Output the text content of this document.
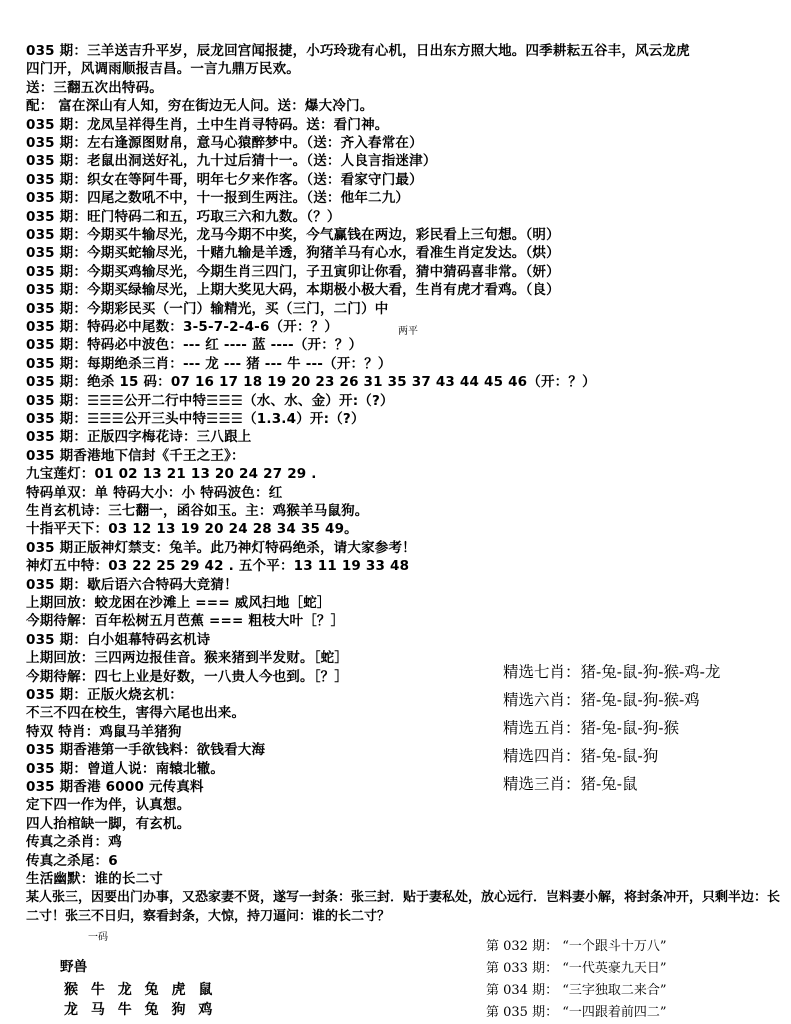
035 期：三羊送吉升平岁，辰龙回宫闻报捷，小巧玲珑有心机，日出东方照大地。四季耕耘五谷丰，风云龙虎
四门开，风调雨顺报吉昌。一言九鼎万民欢。
送：三翻五次出特码。
配： 富在深山有人知，穷在街边无人问。送：爆大冷门。
035 期：龙凤呈祥得生肖，土中生肖寻特码。送：看门神。
035 期：左右逢源图财帛，意马心猿醉梦中。（送：齐入春常在）
035 期：老鼠出洞送好礼，九十过后猜十一。（送：人良言指迷津）
035 期：织女在等阿牛哥，明年七夕来作客。（送：看家守门最）
035 期：四尾之数吼不中，十一报到生两注。（送：他年二九）
035 期：旺门特码二和五，巧取三六和九数。（？）
035 期：今期买牛输尽光，龙马今期不中奖，今气赢钱在两边，彩民看上三句想。（明）
035 期：今期买蛇输尽光，十赌九输是羊透，狗猪羊马有心水，看准生肖定发达。（烘）
035 期：今期买鸡输尽光，今期生肖三四门，子丑寅卯让你看，猜中猜码喜非常。（妍）
035 期：今期买绿输尽光，上期大奖见大码，本期极小极大看，生肖有虎才看鸡。（良）
035 期：今期彩民买（一门）输精光，买（三门，二门）中
035 期：特码必中尾数：3-5-7-2-4-6（开：？）
035 期：特码必中波色：--- 红 ---- 蓝 ----（开：？）
035 期：每期绝杀三肖：--- 龙 --- 猪 --- 牛 ---（开：？）
035 期：绝杀 15 码：07 16 17 18 19 20 23 26 31 35 37 43 44 45 46（开：？）
035 期：☰☰☰公开二行中特☰☰☰（水、水、金）开:（?）
035 期：☰☰☰公开三头中特☰☰☰（1.3.4）开:（?）
035 期：正版四字梅花诗：三八跟上
035 期香港地下信封《千王之王》：
九宝莲灯：01 02 13 21 13 20 24 27 29 .
特码单双：单 特码大小：小 特码波色：红
生肖玄机诗：三七翻一，函谷如玉。主：鸡猴羊马鼠狗。
十指平天下：03 12 13 19 20 24 28 34 35 49。
035 期正版神灯禁支：兔羊。此乃神灯特码绝杀，请大家参考！
神灯五中特：03 22 25 29 42 . 五个平：13 11 19 33 48
035 期：歇后语六合特码大竞猜！
上期回放：蛟龙困在沙滩上 === 威风扫地［蛇］
今期待解：百年松树五月芭蕉 === 粗枝大叶［？］
035 期：白小姐幕特码玄机诗
上期回放：三四两边报佳音。猴来猪到半发财。［蛇］
今期待解：四七上业是好数，一八贵人今也到。［？］
035 期：正版火烧玄机：
不三不四在校生，害得六尾也出来。
特双 特肖：鸡鼠马羊猪狗
035 期香港第一手欲钱料：欲钱看大海
035 期：曾道人说：南辕北辙。
035 期香港 6000 元传真料
定下四一作为伴，认真想。
四人抬棺缺一脚，有玄机。
传真之杀肖：鸡
传真之杀尾：6
生活幽默：谁的长二寸
两平
某人张三，因要出门办事，又恐家妻不贤，遂写一封条：张三封．贴于妻私处，放心远行．岂料妻小解，将封条冲开，只剩半边：长二寸！张三不日归，察看封条，大惊，持刀逼问：谁的长二寸？
一码
野兽
猴 牛 龙 兔 虎 鼠
龙 马 牛 兔 狗 鸡
精选七肖：猪-兔-鼠-狗-猴-鸡-龙
精选六肖：猪-兔-鼠-狗-猴-鸡
精选五肖：猪-兔-鼠-狗-猴
精选四肖：猪-兔-鼠-狗
精选三肖：猪-兔-鼠
第 032 期： “一个跟斗十万八”
第 033 期： “一代英豪九天日”
第 034 期： “三字独取二来合”
第 035 期： “一四跟着前四二”
